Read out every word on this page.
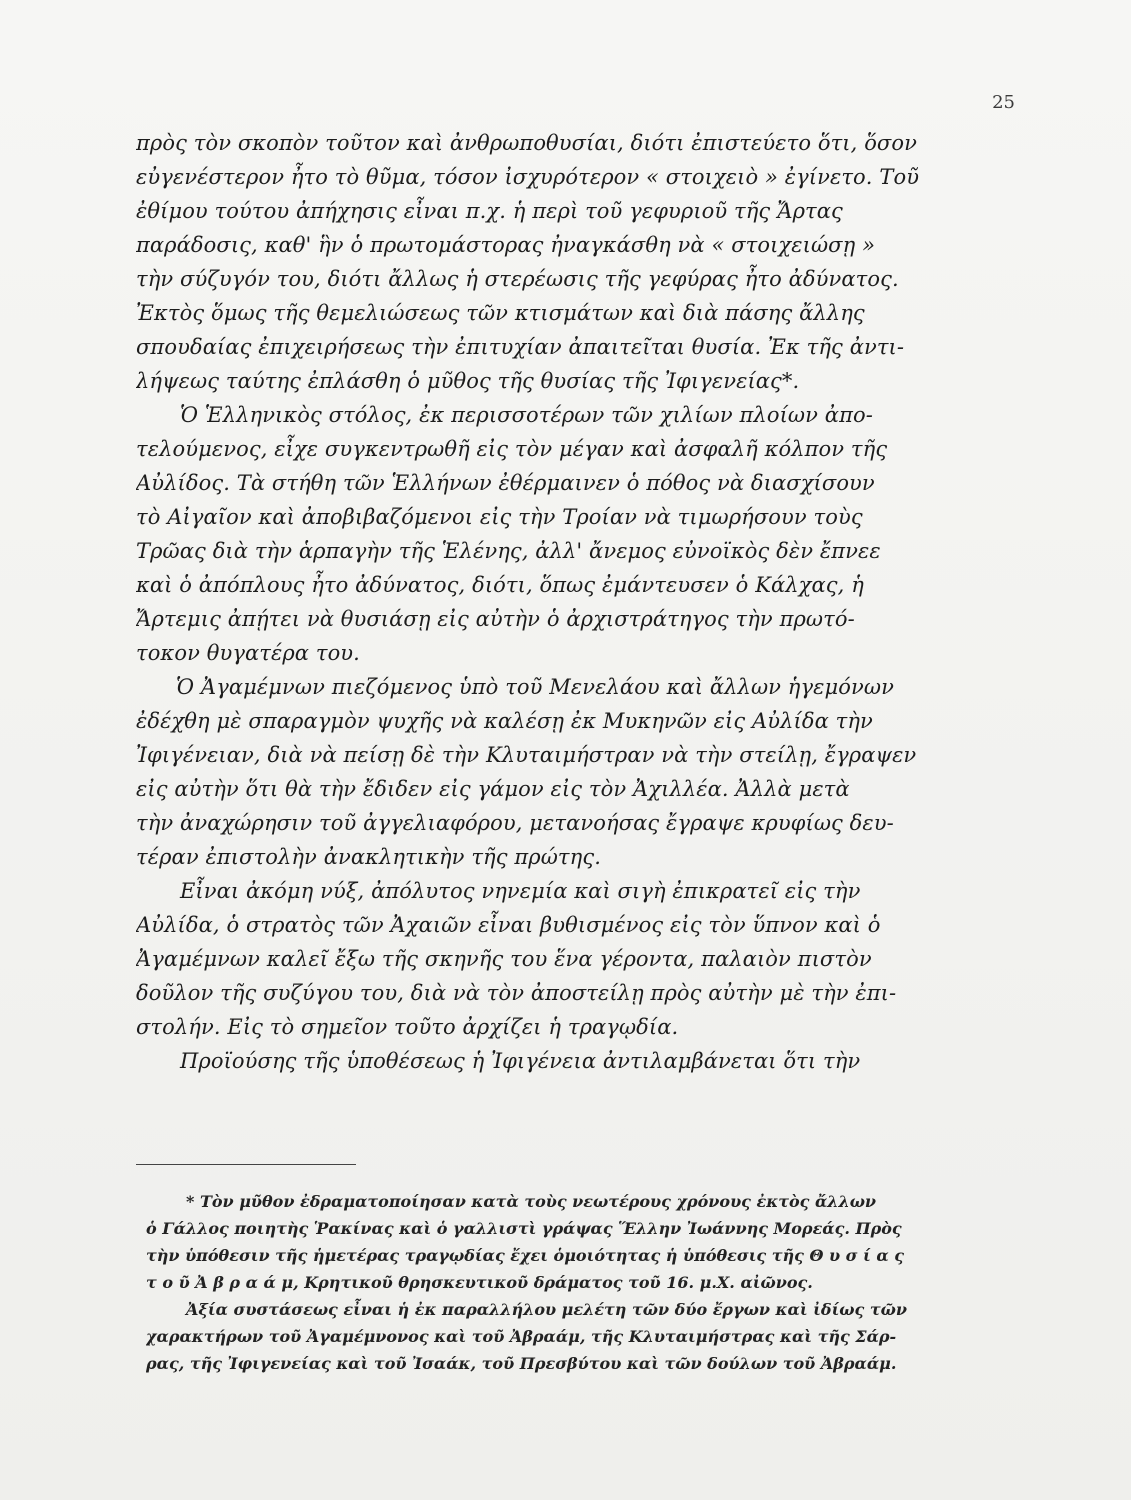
25
πρὸς τὸν σκοπὸν τοῦτον καὶ ἀνθρωποθυσίαι, διότι ἐπιστεύετο ὅτι, ὅσον
εὐγενέστερον ἦτο τὸ θῦμα, τόσον ἰσχυρότερον « στοιχειὸ » ἐγίνετο. Τοῦ
ἐθίμου τούτου ἀπήχησις εἶναι π.χ. ἡ περὶ τοῦ γεφυριοῦ τῆς Ἄρτας
παράδοσις, καθ' ἣν ὁ πρωτομάστορας ἠναγκάσθη νὰ « στοιχειώσῃ »
τὴν σύζυγόν του, διότι ἄλλως ἡ στερέωσις τῆς γεφύρας ἦτο ἀδύνατος.
Ἐκτὸς ὅμως τῆς θεμελιώσεως τῶν κτισμάτων καὶ διὰ πάσης ἄλλης
σπουδαίας ἐπιχειρήσεως τὴν ἐπιτυχίαν ἀπαιτεῖται θυσία. Ἐκ τῆς ἀντι-
λήψεως ταύτης ἐπλάσθη ὁ μῦθος τῆς θυσίας τῆς Ἰφιγενείας*.
Ὁ Ἑλληνικὸς στόλος, ἐκ περισσοτέρων τῶν χιλίων πλοίων ἀπο-
τελούμενος, εἶχε συγκεντρωθῆ εἰς τὸν μέγαν καὶ ἀσφαλῆ κόλπον τῆς
Αὐλίδος. Τὰ στήθη τῶν Ἑλλήνων ἐθέρμαινεν ὁ πόθος νὰ διασχίσουν
τὸ Αἰγαῖον καὶ ἀποβιβαζόμενοι εἰς τὴν Τροίαν νὰ τιμωρήσουν τοὺς
Τρῶας διὰ τὴν ἁρπαγὴν τῆς Ἑλένης, ἀλλ' ἄνεμος εὐνοϊκὸς δὲν ἔπνεε
καὶ ὁ ἀπόπλους ἦτο ἀδύνατος, διότι, ὅπως ἐμάντευσεν ὁ Κάλχας, ἡ
Ἄρτεμις ἀπῄτει νὰ θυσιάσῃ εἰς αὐτὴν ὁ ἀρχιστράτηγος τὴν πρωτό-
τοκον θυγατέρα του.
Ὁ Ἀγαμέμνων πιεζόμενος ὑπὸ τοῦ Μενελάου καὶ ἄλλων ἡγεμόνων
ἐδέχθη μὲ σπαραγμὸν ψυχῆς νὰ καλέσῃ ἐκ Μυκηνῶν εἰς Αὐλίδα τὴν
Ἰφιγένειαν, διὰ νὰ πείσῃ δὲ τὴν Κλυταιμήστραν νὰ τὴν στείλῃ, ἔγραψεν
εἰς αὐτὴν ὅτι θὰ τὴν ἔδιδεν εἰς γάμον εἰς τὸν Ἀχιλλέα. Ἀλλὰ μετὰ
τὴν ἀναχώρησιν τοῦ ἀγγελιαφόρου, μετανοήσας ἔγραψε κρυφίως δευ-
τέραν ἐπιστολὴν ἀνακλητικὴν τῆς πρώτης.
Εἶναι ἀκόμη νύξ, ἀπόλυτος νηνεμία καὶ σιγὴ ἐπικρατεῖ εἰς τὴν
Αὐλίδα, ὁ στρατὸς τῶν Ἀχαιῶν εἶναι βυθισμένος εἰς τὸν ὕπνον καὶ ὁ
Ἀγαμέμνων καλεῖ ἔξω τῆς σκηνῆς του ἕνα γέροντα, παλαιὸν πιστὸν
δοῦλον τῆς συζύγου του, διὰ νὰ τὸν ἀποστείλῃ πρὸς αὐτὴν μὲ τὴν ἐπι-
στολήν. Εἰς τὸ σημεῖον τοῦτο ἀρχίζει ἡ τραγῳδία.
Προϊούσης τῆς ὑποθέσεως ἡ Ἰφιγένεια ἀντιλαμβάνεται ὅτι τὴν
* Τὸν μῦθον ἐδραματοποίησαν κατὰ τοὺς νεωτέρους χρόνους ἐκτὸς ἄλλων
ὁ Γάλλος ποιητὴς Ῥακίνας καὶ ὁ γαλλιστὶ γράψας Ἕλλην Ἰωάννης Μορεάς. Πρὸς
τὴν ὑπόθεσιν τῆς ἡμετέρας τραγῳδίας ἔχει ὁμοιότητας ἡ ὑπόθεσις τῆς Θ υ σ ί α ς
τ ο ῦ Ἀ β ρ α ά μ, Κρητικοῦ θρησκευτικοῦ δράματος τοῦ 16. μ.Χ. αἰῶνος.
Ἀξία συστάσεως εἶναι ἡ ἐκ παραλλήλου μελέτη τῶν δύο ἔργων καὶ ἰδίως τῶν
χαρακτήρων τοῦ Ἀγαμέμνονος καὶ τοῦ Ἀβραάμ, τῆς Κλυταιμήστρας καὶ τῆς Σάρ-
ρας, τῆς Ἰφιγενείας καὶ τοῦ Ἰσαάκ, τοῦ Πρεσβύτου καὶ τῶν δούλων τοῦ Ἀβραάμ.
